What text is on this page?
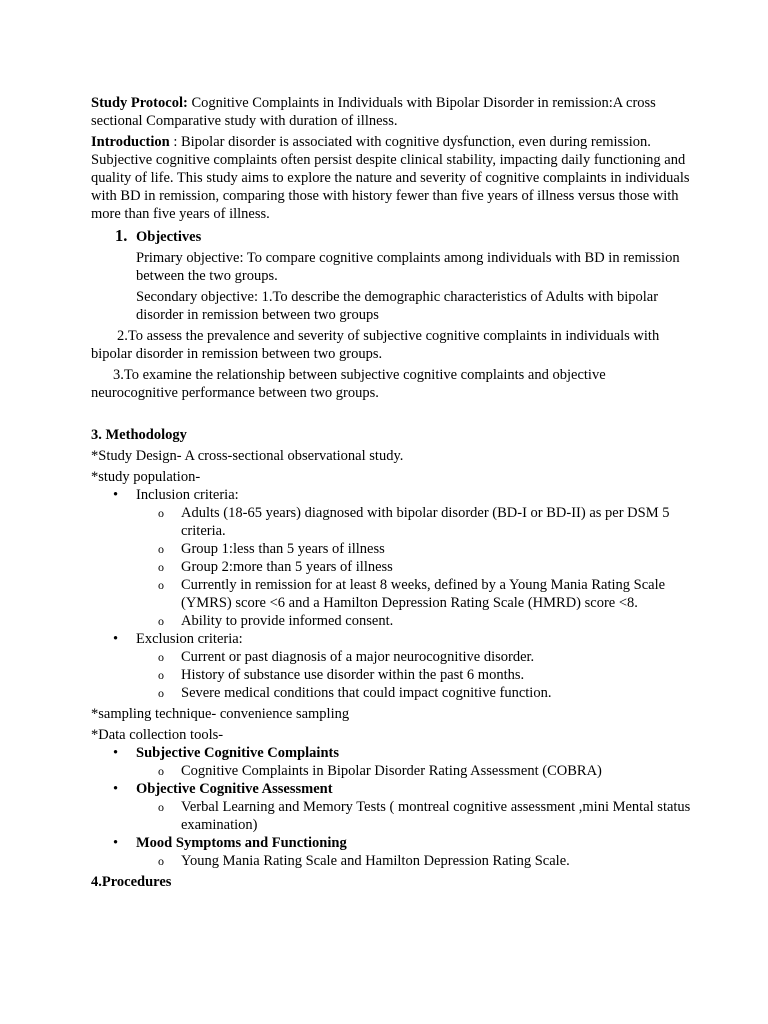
Study Protocol: Cognitive Complaints in Individuals with Bipolar Disorder in remission:A cross sectional Comparative study with duration of illness.

Introduction : Bipolar disorder is associated with cognitive dysfunction, even during remission. Subjective cognitive complaints often persist despite clinical stability, impacting daily functioning and quality of life. This study aims to explore the nature and severity of cognitive complaints in individuals with BD in remission, comparing those with history fewer than five years of illness versus those with more than five years of illness.

1. Objectives

Primary objective: To compare cognitive complaints among individuals with BD in remission between the two groups.

Secondary objective: 1.To describe the demographic characteristics of Adults with bipolar disorder in remission between two groups

2.To assess the prevalence and severity of subjective cognitive complaints in individuals with bipolar disorder in remission between two groups.

3.To examine the relationship between subjective cognitive complaints and objective neurocognitive performance between two groups.

3. Methodology

*Study Design- A cross-sectional observational study.

*study population-

• Inclusion criteria:
o Adults (18-65 years) diagnosed with bipolar disorder (BD-I or BD-II) as per DSM 5 criteria.
o Group 1:less than 5 years of illness
o Group 2:more than 5 years of illness
o Currently in remission for at least 8 weeks, defined by a Young Mania Rating Scale (YMRS) score <6 and a Hamilton Depression Rating Scale (HMRD) score <8.
o Ability to provide informed consent.
• Exclusion criteria:
o Current or past diagnosis of a major neurocognitive disorder.
o History of substance use disorder within the past 6 months.
o Severe medical conditions that could impact cognitive function.

*sampling technique- convenience sampling

*Data collection tools-

• Subjective Cognitive Complaints
o Cognitive Complaints in Bipolar Disorder Rating Assessment (COBRA)
• Objective Cognitive Assessment
o Verbal Learning and Memory Tests ( montreal cognitive assessment ,mini Mental status examination)
• Mood Symptoms and Functioning
o Young Mania Rating Scale and Hamilton Depression Rating Scale.

4.Procedures
